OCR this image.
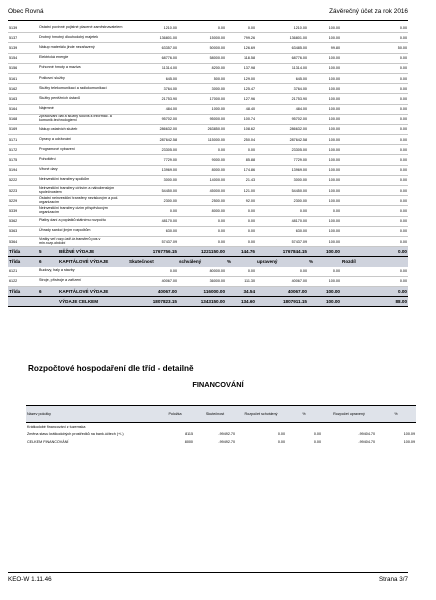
Obec Rovná	Závěrečný účet za rok 2016
5139	Ostatní povinné pojistné placené zaměstnavatelem		1210.00	0.00	0.00	1210.00	100.00	0.00
5137	Drobný hmotný dlouhodobý majetek		136801.00	15000.00	799.26	136801.00	100.00	0.00
5139	Nákup materiálu jinde nezařazený		63357.00	50000.00	126.69	63485.00	99.80	50.00
5154	Elektrická energie		68776.00	58000.00	118.58	68776.00	100.00	0.00
5156	Pohonné hmoty a maziva		11314.00	8200.00	137.98	11314.00	100.00	0.00
5161	Poštovní služby		645.00	500.00	129.00	645.00	100.00	0.00
5162	Služby telekomunikací a radiokomunikací		3764.00	3000.00	125.47	3764.00	100.00	0.00
5163	Služby peněžních ústavů		21753.90	17000.00	127.96	21753.90	100.00	0.00
5164	Nájemné		484.00	1000.00	48.40	484.00	100.00	0.00
5168	Zpracování dat a služby souvis.s informač. a komunik.technologiemi		95702.00	95000.00	100.74	95702.00	100.00	0.00
5169	Nákup ostatních služeb		286632.00	263850.00	108.62	286632.00	100.00	0.00
5171	Opravy a udržování		287642.58	115000.00	250.04	287642.58	100.00	0.00
5172	Programové vybavení		23305.00	0.00	0.00	23305.00	100.00	0.00
5175	Pohoštění		7729.00	9000.00	85.88	7729.00	100.00	0.00
5194	Věcné dary		13969.00	8000.00	174.86	13969.00	100.00	0.00
5222	Neinvestiční transfery spolkům		3000.00	14000.00	21.43	3000.00	100.00	0.00
5223	Neinvestiční transfery církvím a náboženským společnostem		54450.00	45000.00	121.00	54450.00	100.00	0.00
5229	Ostatní neinvestiční transfery neziskovým a pod. organizacím		2300.00	2500.00	92.00	2300.00	100.00	0.00
5339	Neinvestiční transfery cizím příspěvkovým organizacím		0.00	8000.00	0.00	0.00	0.00	0.00
5362	Platby daní a poplatků státnímu rozpočtu		48170.00	0.00	0.00	48170.00	100.00	0.00
5363	Úhrady sankcí jiným rozpočtům		630.00	0.00	0.00	630.00	100.00	0.00
5364	Vratky veř.rozp.ústř.úr.transferů pos.v min.rozp.období		57437.09	0.00	0.00	57437.09	100.00	0.00
Třída	5	BĚŽNÉ VÝDAJE	1767756.15	1221150.00	144.76	1767844.15	100.00	0.00
Třída	6	KAPITÁLOVÉ VÝDAJE	Skutečnost	schválený	%	upravený	%	Rozdíl
6121	Budovy, haly a stavby		0.00	80000.00	0.00	0.00	0.00	0.00
6122	Stroje, přístroje a zařízení		40067.00	36000.00	111.30	40067.00	100.00	0.00
Třída	6	KAPITÁLOVÉ VÝDAJE	40067.00	116000.00	34.54	40067.00	100.00	0.00
		VÝDAJE CELKEM	1807823.15	1343150.00	134.60	1807911.15	100.00	88.00
Rozpočtové hospodaření dle tříd - detailně
FINANCOVÁNÍ
Název položky	Položka	Skutečnost	Rozpočet schválený	%	Rozpočet upravený	%
Krátkodobé financování z tuzemska						
Změna stavu krátkodobých prostředků na bank.účtech (+/-)	8115	-99492.70	0.00	0.00	-99404.70	100.09
CELKEM FINANCOVÁNÍ	8000	-99492.70	0.00	0.00	-99404.70	100.09
KEO-W 1.11.46	Strana 3/7
